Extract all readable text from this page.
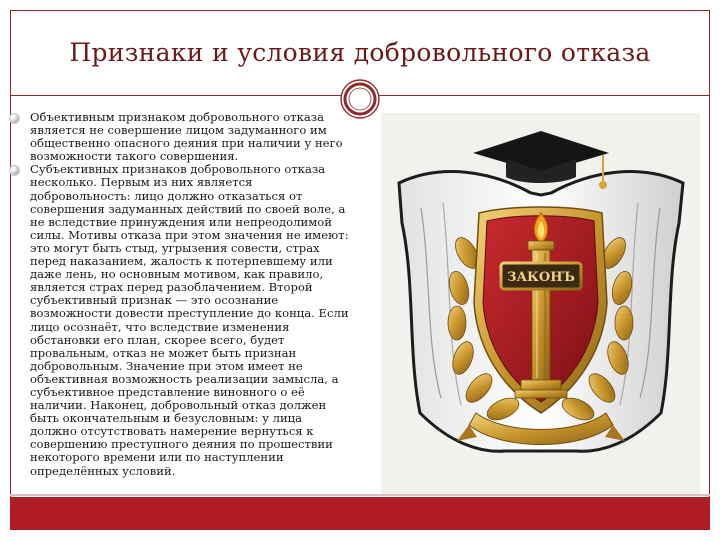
Признаки и условия добровольного отказа

Объективным признаком добровольного отказа является не совершение лицом задуманного им общественно опасного деяния при наличии у него возможности такого совершения.

Субъективных признаков добровольного отказа несколько. Первым из них является добровольность: лицо должно отказаться от совершения задуманных действий по своей воле, а не вследствие принуждения или непреодолимой силы. Мотивы отказа при этом значения не имеют: это могут быть стыд, угрызения совести, страх перед наказанием, жалость к потерпевшему или даже лень, но основным мотивом, как правило, является страх перед разоблачением. Второй субъективный признак — это осознание возможности довести преступление до конца. Если лицо осознаёт, что вследствие изменения обстановки его план, скорее всего, будет провальным, отказ не может быть признан добровольным. Значение при этом имеет не объективная возможность реализации замысла, а субъективное представление виновного о её наличии. Наконец, добровольный отказ должен быть окончательным и безусловным: у лица должно отсутствовать намерение вернуться к совершению преступного деяния по прошествии некоторого времени или по наступлении определённых условий.

ЗАКОНЪ
